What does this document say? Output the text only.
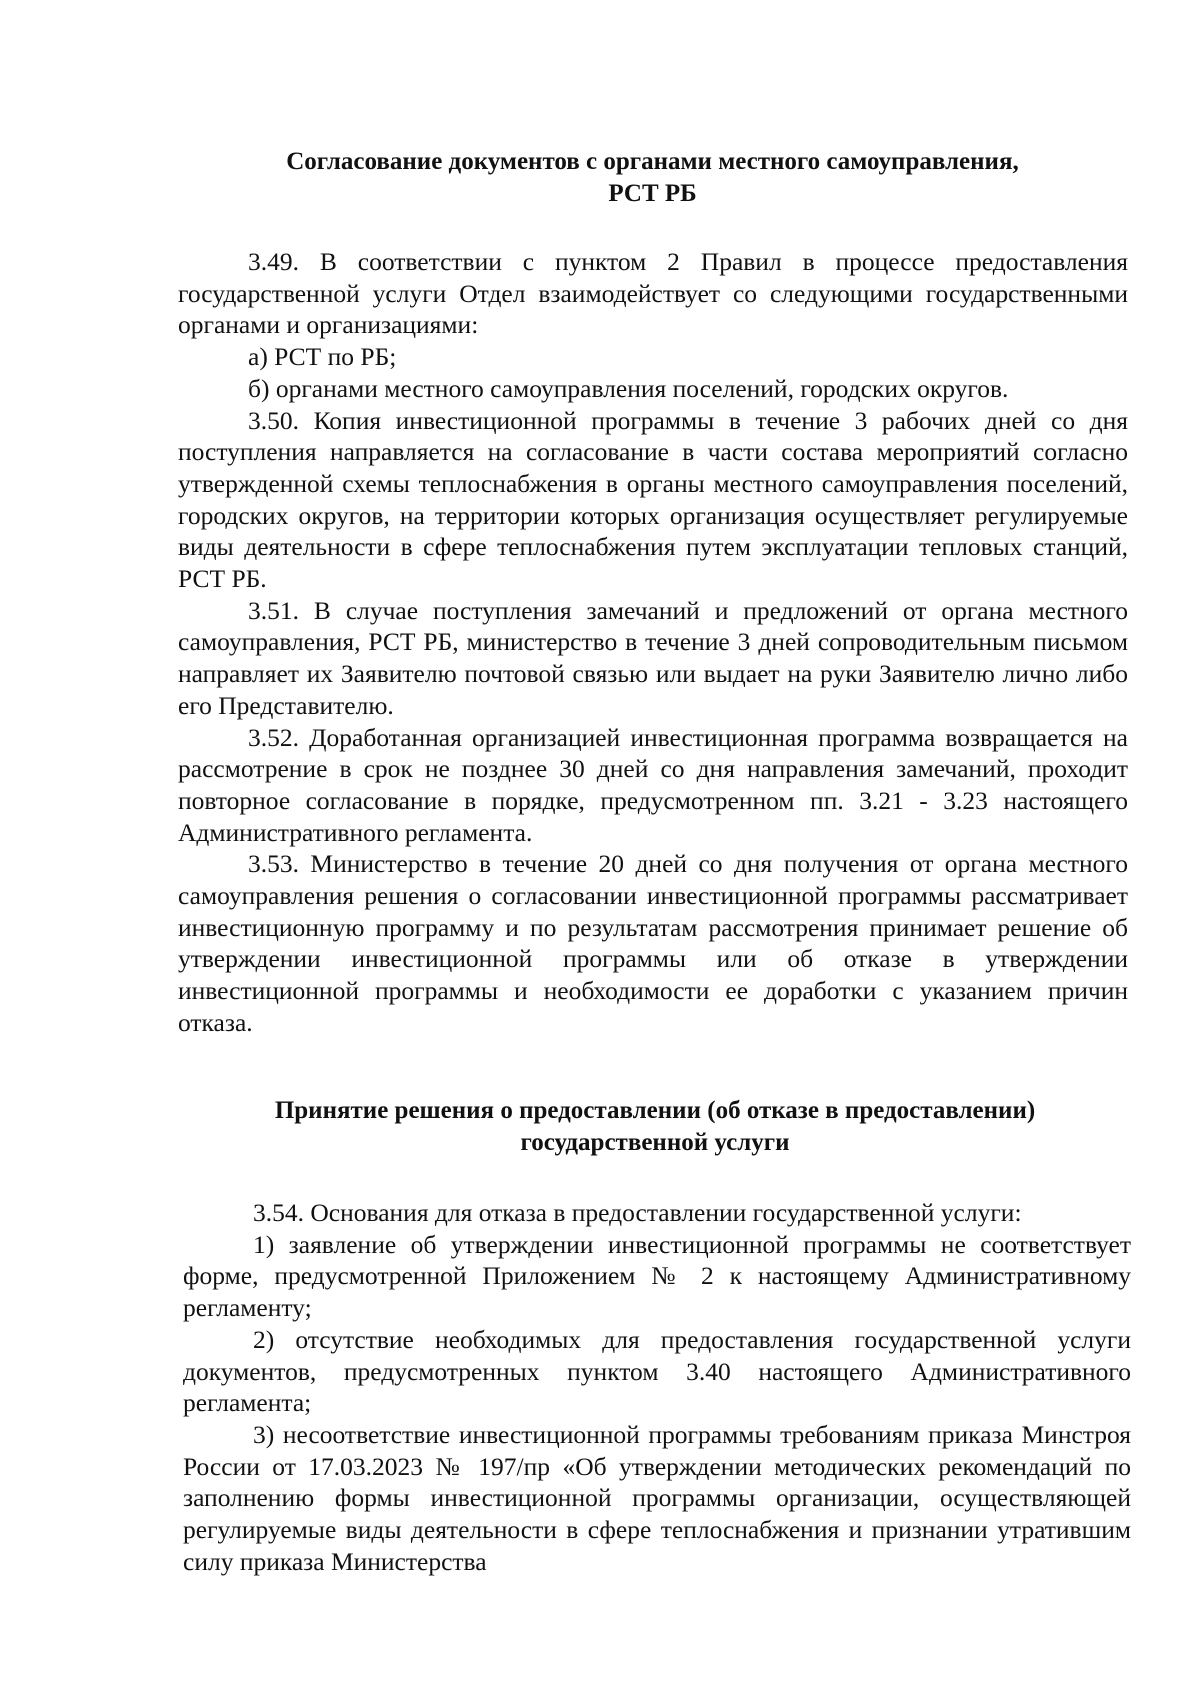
Согласование документов с органами местного самоуправления,
РСТ РБ

3.49. В соответствии с пунктом 2 Правил в процессе предоставления государственной услуги Отдел взаимодействует со следующими государственными органами и организациями:

а) РСТ по РБ;

б) органами местного самоуправления поселений, городских округов.

3.50. Копия инвестиционной программы в течение 3 рабочих дней со дня поступления направляется на согласование в части состава мероприятий согласно утвержденной схемы теплоснабжения в органы местного самоуправления поселений, городских округов, на территории которых организация осуществляет регулируемые виды деятельности в сфере теплоснабжения путем эксплуатации тепловых станций, РСТ РБ.

3.51. В случае поступления замечаний и предложений от органа местного самоуправления, РСТ РБ, министерство в течение 3 дней сопроводительным письмом направляет их Заявителю почтовой связью или выдает на руки Заявителю лично либо его Представителю.

3.52. Доработанная организацией инвестиционная программа возвращается на рассмотрение в срок не позднее 30 дней со дня направления замечаний, проходит повторное согласование в порядке, предусмотренном пп. 3.21 - 3.23 настоящего Административного регламента.

3.53. Министерство в течение 20 дней со дня получения от органа местного самоуправления решения о согласовании инвестиционной программы рассматривает инвестиционную программу и по результатам рассмотрения принимает решение об утверждении инвестиционной программы или об отказе в утверждении инвестиционной программы и необходимости ее доработки с указанием причин отказа.

Принятие решения о предоставлении (об отказе в предоставлении)
государственной услуги

3.54. Основания для отказа в предоставлении государственной услуги:

1) заявление об утверждении инвестиционной программы не соответствует форме, предусмотренной Приложением № 2 к настоящему Административному регламенту;

2) отсутствие необходимых для предоставления государственной услуги документов, предусмотренных пунктом 3.40 настоящего Административного регламента;

3) несоответствие инвестиционной программы требованиям приказа Минстроя России от 17.03.2023 № 197/пр «Об утверждении методических рекомендаций по заполнению формы инвестиционной программы организации, осуществляющей регулируемые виды деятельности в сфере теплоснабжения и признании утратившим силу приказа Министерства
